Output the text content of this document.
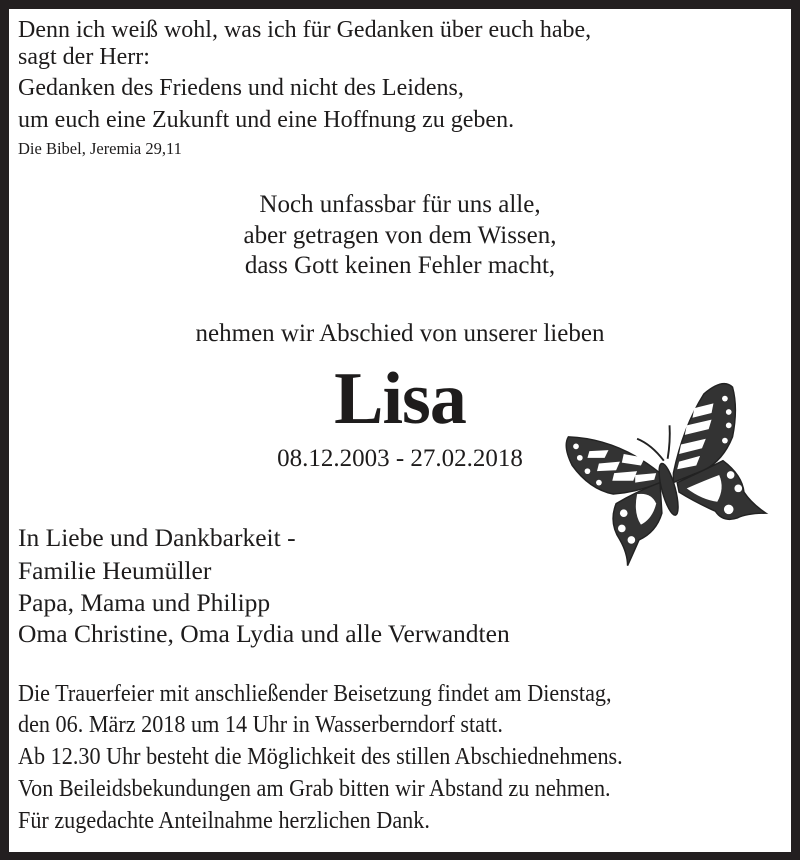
Denn ich weiß wohl, was ich für Gedanken über euch habe,
sagt der Herr:
Gedanken des Friedens und nicht des Leidens,
um euch eine Zukunft und eine Hoffnung zu geben.
Die Bibel, Jeremia 29,11
Noch unfassbar für uns alle,
aber getragen von dem Wissen,
dass Gott keinen Fehler macht,
nehmen wir Abschied von unserer lieben
Lisa
08.12.2003 - 27.02.2018
In Liebe und Dankbarkeit -
Familie Heumüller
Papa, Mama und Philipp
Oma Christine, Oma Lydia und alle Verwandten
Die Trauerfeier mit anschließender Beisetzung findet am Dienstag,
den 06. März 2018 um 14 Uhr in Wasserberndorf statt.
Ab 12.30 Uhr besteht die Möglichkeit des stillen Abschiednehmens.
Von Beileidsbekundungen am Grab bitten wir Abstand zu nehmen.
Für zugedachte Anteilnahme herzlichen Dank.
